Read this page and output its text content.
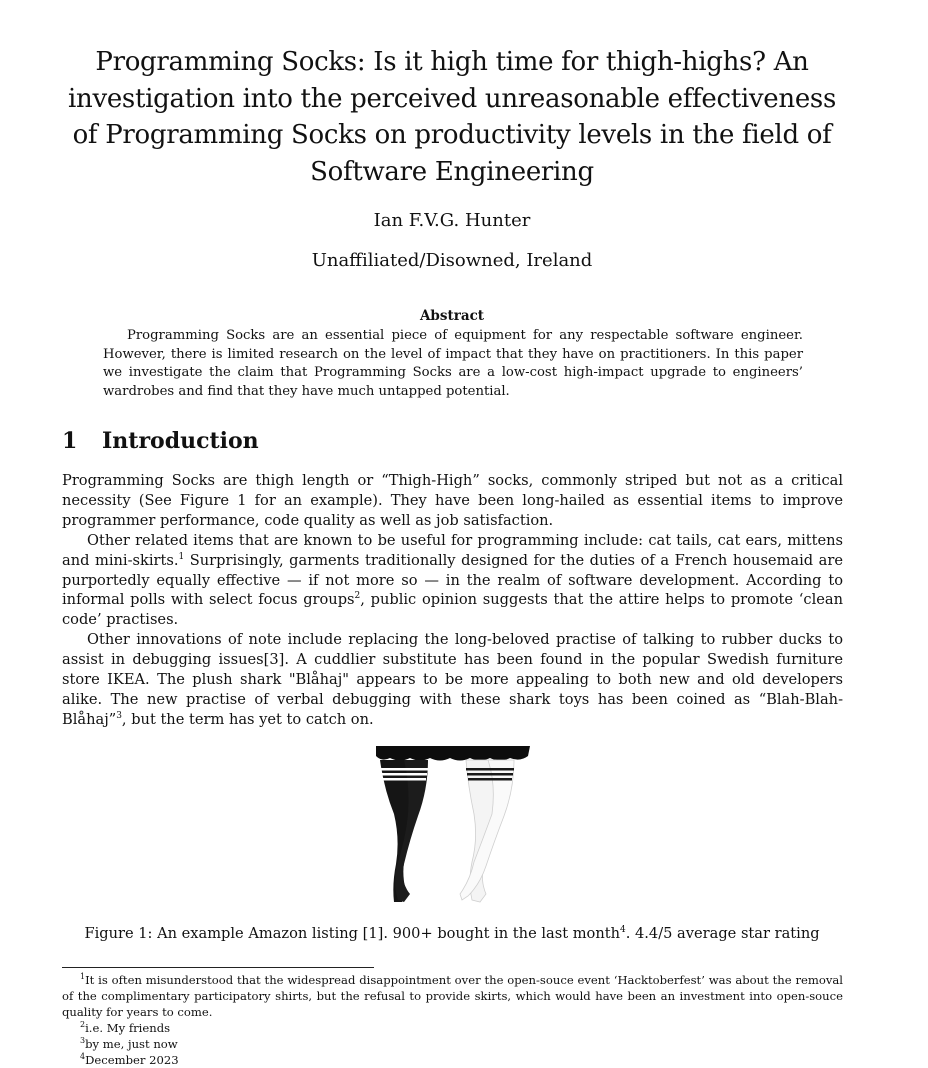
Programming Socks: Is it high time for thigh-highs? An investigation into the perceived unreasonable effectiveness of Programming Socks on productivity levels in the field of Software Engineering
Ian F.V.G. Hunter
Unaffiliated/Disowned, Ireland
Abstract

Programming Socks are an essential piece of equipment for any respectable software engineer. However, there is limited research on the level of impact that they have on practitioners. In this paper we investigate the claim that Programming Socks are a low-cost high-impact upgrade to engineers’ wardrobes and find that they have much untapped potential.

1 Introduction

Programming Socks are thigh length or “Thigh-High” socks, commonly striped but not as a critical necessity (See Figure 1 for an example). They have been long-hailed as essential items to improve programmer performance, code quality as well as job satisfaction.

Other related items that are known to be useful for programming include: cat tails, cat ears, mittens and mini-skirts.$^1$ Surprisingly, garments traditionally designed for the duties of a French housemaid are purportedly equally effective — if not more so — in the realm of software development. According to informal polls with select focus groups$^2$, public opinion suggests that the attire helps to promote ‘clean code’ practises.

Other innovations of note include replacing the long-beloved practise of talking to rubber ducks to assist in debugging issues[3]. A cuddlier substitute has been found in the popular Swedish furniture store IKEA. The plush shark "Blåhaj" appears to be more appealing to both new and old developers alike. The new practise of verbal debugging with these shark toys has been coined as “Blah-Blah-Blåhaj”$^3$, but the term has yet to catch on.

Figure 1: An example Amazon listing [1]. 900+ bought in the last month$^4$. 4.4/5 average star rating

$^1$It is often misunderstood that the widespread disappointment over the open-souce event ‘Hacktoberfest’ was about the removal of the complimentary participatory shirts, but the refusal to provide skirts, which would have been an investment into open-souce quality for years to come.

$^2$i.e. My friends

$^3$by me, just now

$^4$December 2023
